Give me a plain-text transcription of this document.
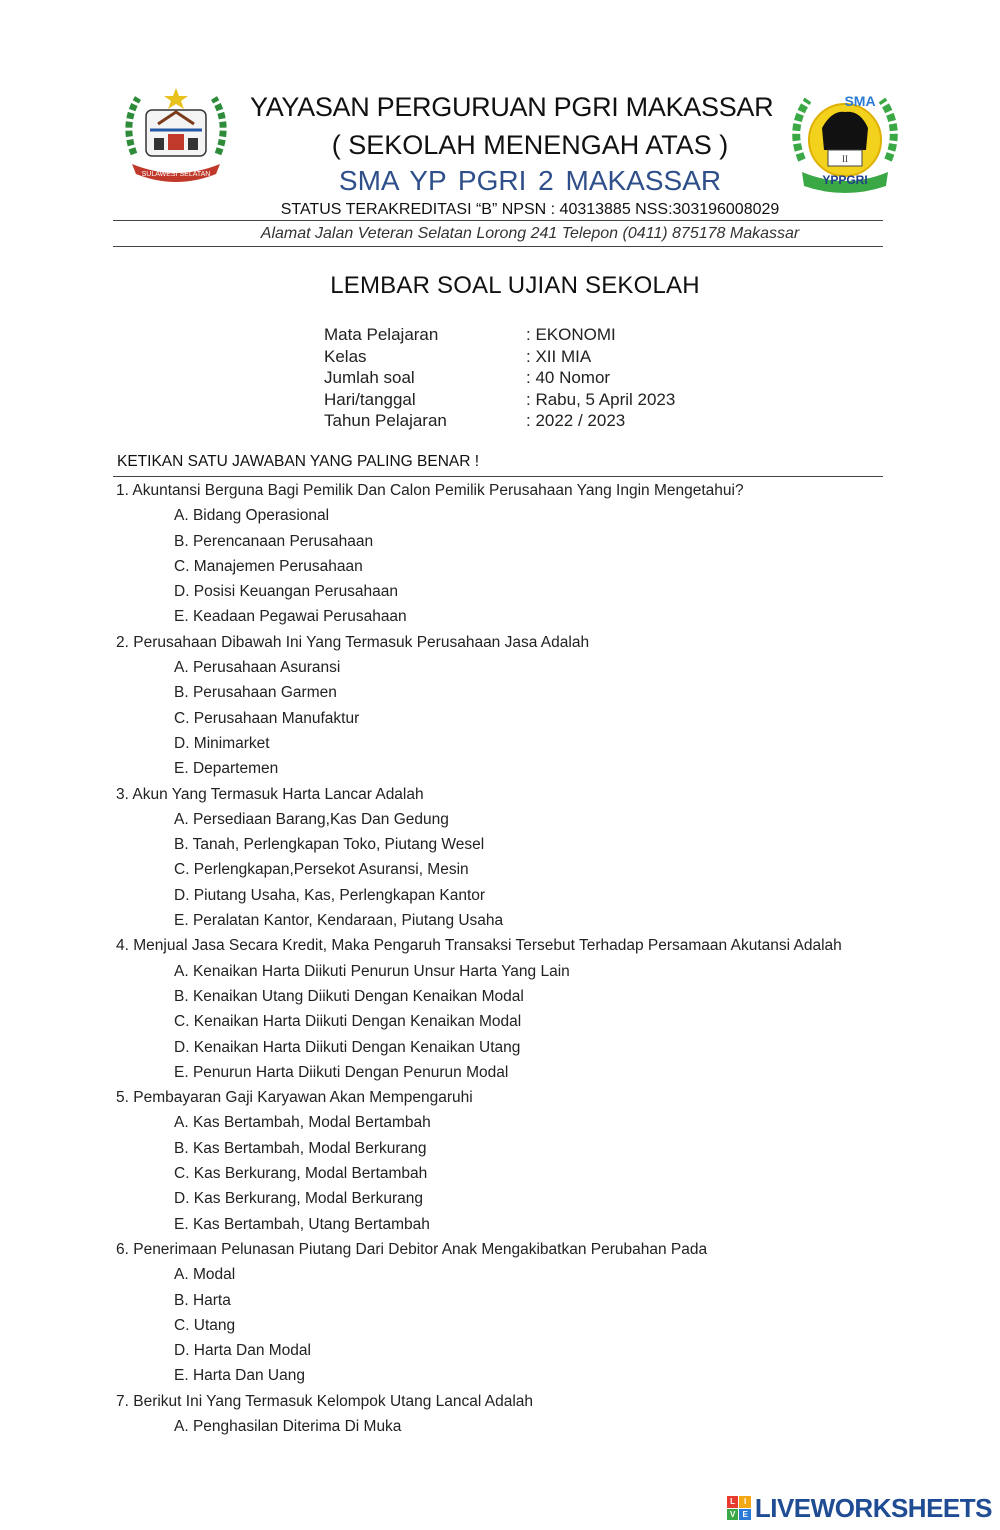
SULAWESI SELATAN
II
SMA
YPPGRI
YAYASAN PERGURUAN PGRI MAKASSAR
( SEKOLAH MENENGAH ATAS )
SMA YP PGRI 2 MAKASSAR
STATUS TERAKREDITASI “B” NPSN : 40313885 NSS:303196008029
Alamat Jalan Veteran Selatan Lorong 241 Telepon (0411) 875178 Makassar
LEMBAR SOAL UJIAN SEKOLAH
Mata Pelajaran	: EKONOMI
Kelas	: XII MIA
Jumlah soal	: 40 Nomor
Hari/tanggal	: Rabu, 5 April 2023
Tahun Pelajaran	: 2022 / 2023
KETIKAN SATU JAWABAN YANG PALING BENAR !
1. Akuntansi Berguna Bagi Pemilik Dan Calon Pemilik Perusahaan Yang Ingin Mengetahui?
A. Bidang Operasional
B. Perencanaan Perusahaan
C. Manajemen Perusahaan
D. Posisi Keuangan Perusahaan
E. Keadaan Pegawai Perusahaan
2. Perusahaan Dibawah Ini Yang Termasuk Perusahaan Jasa Adalah
A. Perusahaan Asuransi
B. Perusahaan Garmen
C. Perusahaan Manufaktur
D. Minimarket
E. Departemen
3. Akun Yang Termasuk Harta Lancar Adalah
A. Persediaan Barang,Kas Dan Gedung
B. Tanah, Perlengkapan Toko, Piutang Wesel
C. Perlengkapan,Persekot Asuransi, Mesin
D. Piutang Usaha, Kas, Perlengkapan Kantor
E. Peralatan Kantor, Kendaraan, Piutang Usaha
4. Menjual Jasa Secara Kredit, Maka Pengaruh Transaksi Tersebut Terhadap Persamaan Akutansi Adalah
A. Kenaikan Harta Diikuti Penurun Unsur Harta Yang Lain
B. Kenaikan Utang Diikuti Dengan Kenaikan Modal
C. Kenaikan Harta Diikuti Dengan Kenaikan Modal
D. Kenaikan Harta Diikuti Dengan Kenaikan Utang
E. Penurun Harta Diikuti Dengan Penurun Modal
5. Pembayaran Gaji Karyawan Akan Mempengaruhi
A. Kas Bertambah, Modal Bertambah
B. Kas Bertambah, Modal Berkurang
C. Kas Berkurang, Modal Bertambah
D. Kas Berkurang, Modal Berkurang
E. Kas Bertambah, Utang Bertambah
6. Penerimaan Pelunasan Piutang Dari Debitor Anak Mengakibatkan Perubahan Pada
A. Modal
B. Harta
C. Utang
D. Harta Dan Modal
E. Harta Dan Uang
7. Berikut Ini Yang Termasuk Kelompok Utang Lancal Adalah
A. Penghasilan Diterima Di Muka
L	I
V E LIVEWORKSHEETS
